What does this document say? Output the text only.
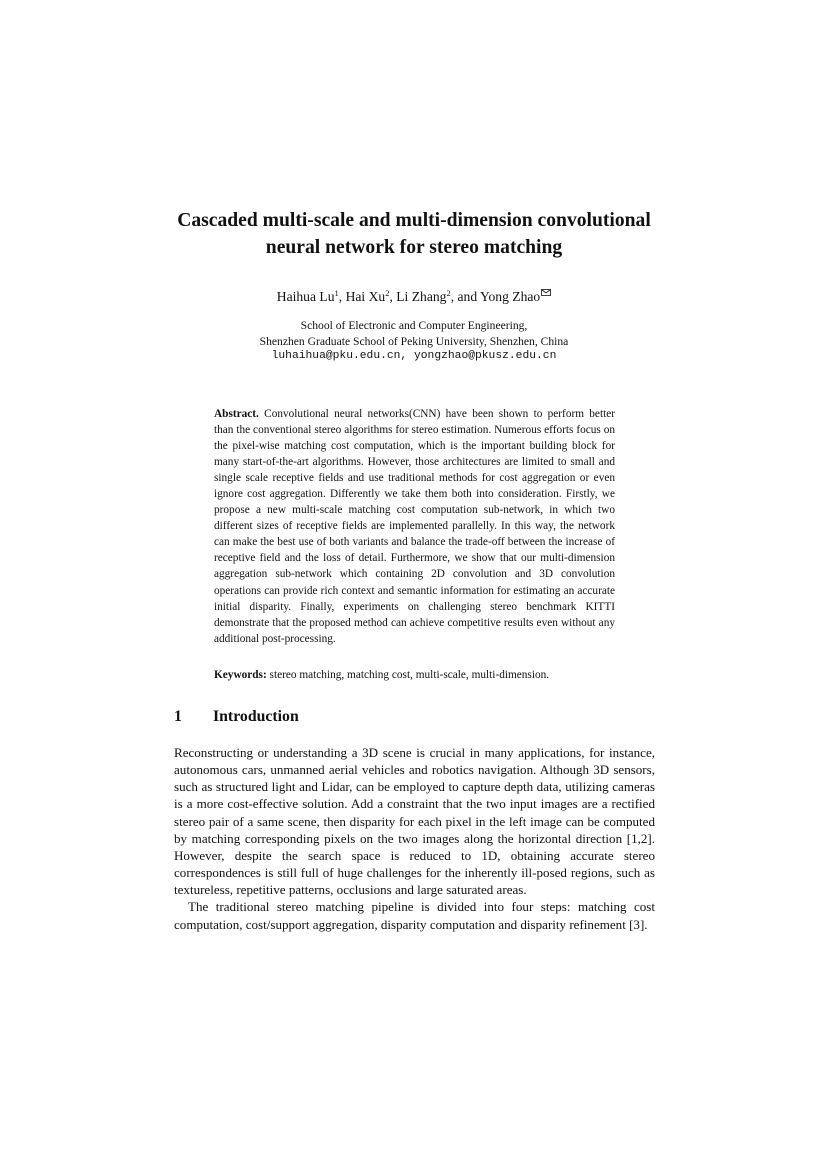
Cascaded multi-scale and multi-dimension convolutional
neural network for stereo matching
Haihua Lu$^1$, Hai Xu$^2$, Li Zhang$^2$, and Yong Zhao
School of Electronic and Computer Engineering,
Shenzhen Graduate School of Peking University, Shenzhen, China
luhaihua@pku.edu.cn, yongzhao@pkusz.edu.cn
Abstract. Convolutional neural networks(CNN) have been shown to perform better than the conventional stereo algorithms for stereo estimation. Numerous efforts focus on the pixel-wise matching cost computation, which is the important building block for many start-of-the-art algorithms. However, those architectures are limited to small and single scale receptive fields and use traditional methods for cost aggregation or even ignore cost aggregation. Differently we take them both into consideration. Firstly, we propose a new multi-scale matching cost computation sub-network, in which two different sizes of receptive fields are implemented parallelly. In this way, the network can make the best use of both variants and balance the trade-off between the increase of receptive field and the loss of detail. Furthermore, we show that our multi-dimension aggregation sub-network which containing 2D convolution and 3D convolution operations can provide rich context and semantic information for estimating an accurate initial disparity. Finally, experiments on challenging stereo benchmark KITTI demonstrate that the proposed method can achieve competitive results even without any additional post-processing.
Keywords: stereo matching, matching cost, multi-scale, multi-dimension.
1 Introduction

Reconstructing or understanding a 3D scene is crucial in many applications, for instance, autonomous cars, unmanned aerial vehicles and robotics navigation. Although 3D sensors, such as structured light and Lidar, can be employed to capture depth data, utilizing cameras is a more cost-effective solution. Add a constraint that the two input images are a rectified stereo pair of a same scene, then disparity for each pixel in the left image can be computed by matching corresponding pixels on the two images along the horizontal direction [1,2]. However, despite the search space is reduced to 1D, obtaining accurate stereo correspondences is still full of huge challenges for the inherently ill-posed regions, such as textureless, repetitive patterns, occlusions and large saturated areas.

The traditional stereo matching pipeline is divided into four steps: matching cost computation, cost/support aggregation, disparity computation and disparity refinement [3].
